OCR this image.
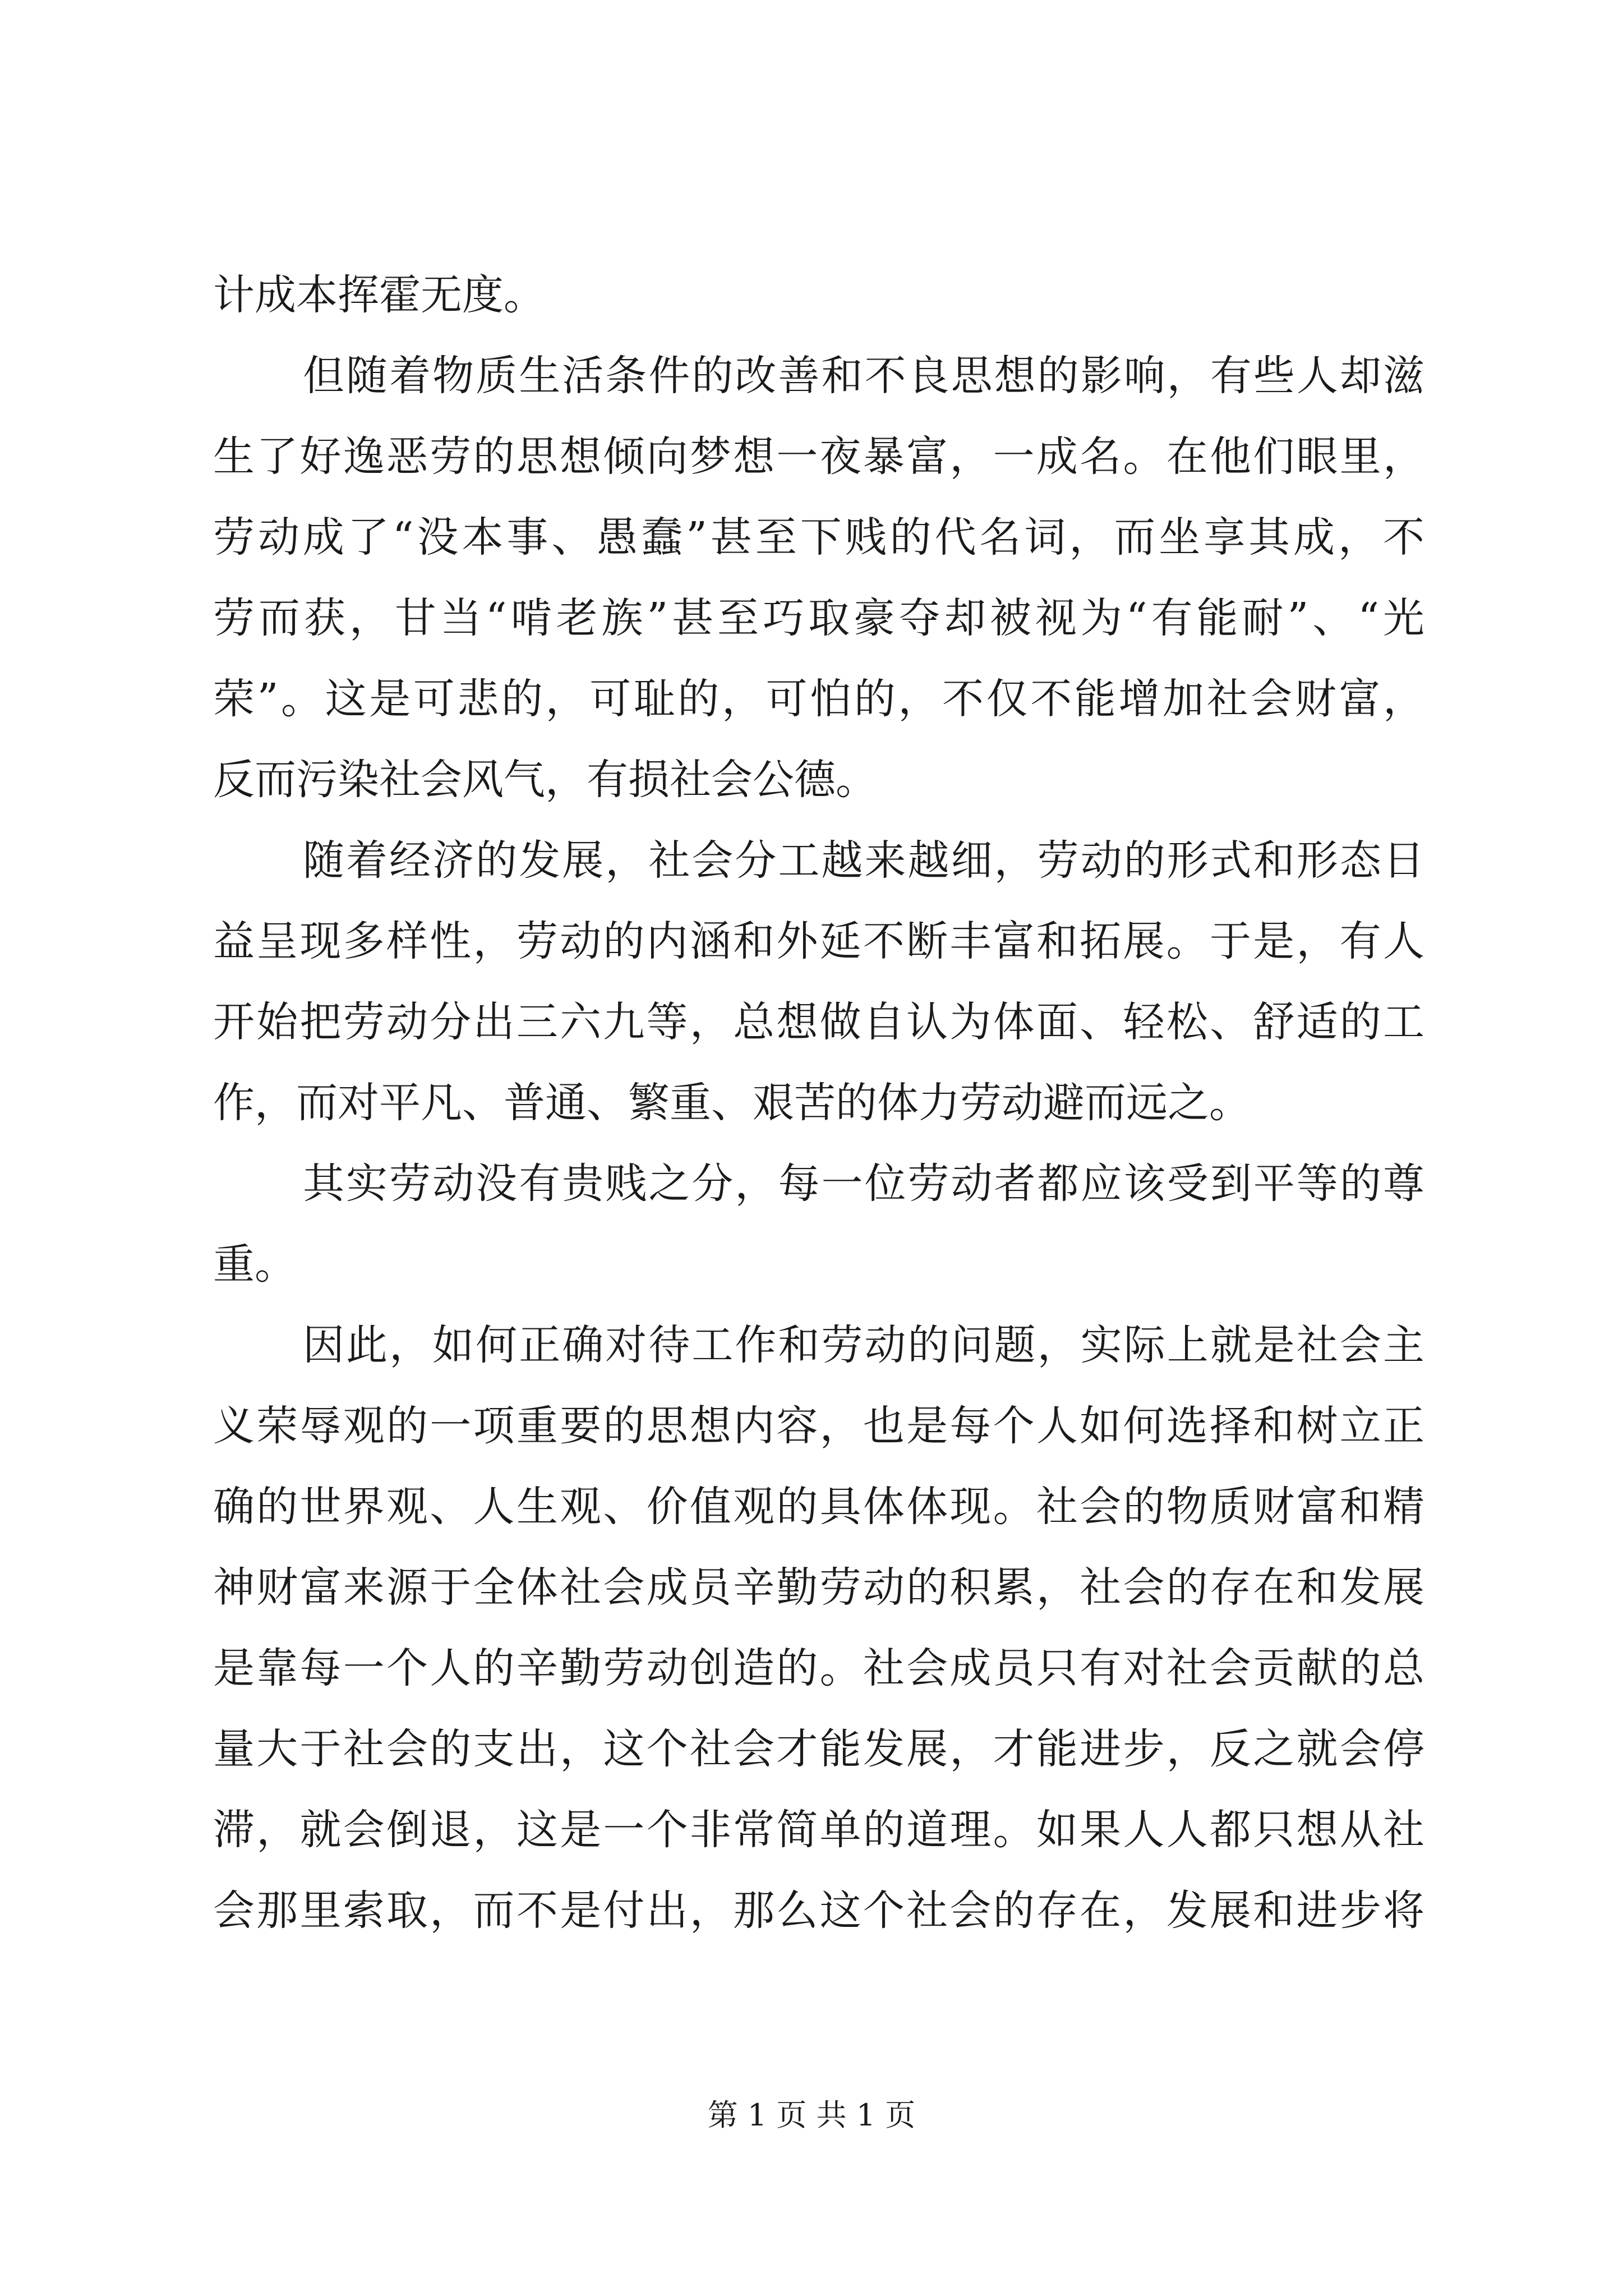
计成本挥霍无度。
但随着物质生活条件的改善和不良思想的影响，有些人却滋
生了好逸恶劳的思想倾向梦想一夜暴富，一成名。在他们眼里，
劳动成了“没本事、愚蠢”甚至下贱的代名词，而坐享其成，不
劳而获，甘当“啃老族”甚至巧取豪夺却被视为“有能耐”、“光
荣”。这是可悲的，可耻的，可怕的，不仅不能增加社会财富，
反而污染社会风气，有损社会公德。
随着经济的发展，社会分工越来越细，劳动的形式和形态日
益呈现多样性，劳动的内涵和外延不断丰富和拓展。于是，有人
开始把劳动分出三六九等，总想做自认为体面、轻松、舒适的工
作，而对平凡、普通、繁重、艰苦的体力劳动避而远之。
其实劳动没有贵贱之分，每一位劳动者都应该受到平等的尊
重。
因此，如何正确对待工作和劳动的问题，实际上就是社会主
义荣辱观的一项重要的思想内容，也是每个人如何选择和树立正
确的世界观、人生观、价值观的具体体现。社会的物质财富和精
神财富来源于全体社会成员辛勤劳动的积累，社会的存在和发展
是靠每一个人的辛勤劳动创造的。社会成员只有对社会贡献的总
量大于社会的支出，这个社会才能发展，才能进步，反之就会停
滞，就会倒退，这是一个非常简单的道理。如果人人都只想从社
会那里索取，而不是付出，那么这个社会的存在，发展和进步将
第 1 页 共 1 页
